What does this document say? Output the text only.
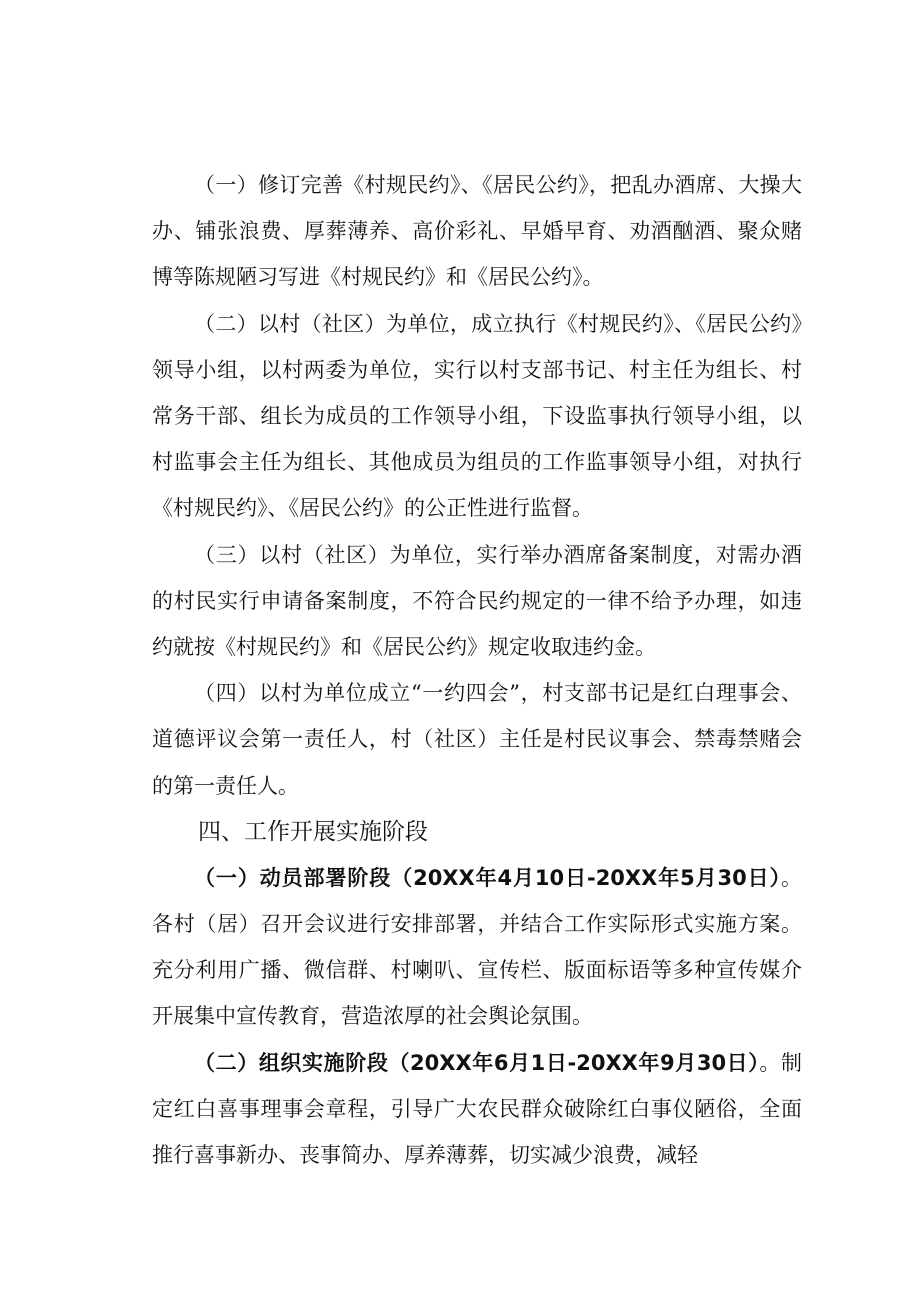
（一）修订完善《村规民约》、《居民公约》，把乱办酒席、大操大办、铺张浪费、厚葬薄养、高价彩礼、早婚早育、劝酒酗酒、聚众赌博等陈规陋习写进《村规民约》和《居民公约》。

（二）以村（社区）为单位，成立执行《村规民约》、《居民公约》领导小组，以村两委为单位，实行以村支部书记、村主任为组长、村常务干部、组长为成员的工作领导小组，下设监事执行领导小组，以村监事会主任为组长、其他成员为组员的工作监事领导小组，对执行《村规民约》、《居民公约》的公正性进行监督。

（三）以村（社区）为单位，实行举办酒席备案制度，对需办酒的村民实行申请备案制度，不符合民约规定的一律不给予办理，如违约就按《村规民约》和《居民公约》规定收取违约金。

（四）以村为单位成立“一约四会”，村支部书记是红白理事会、道德评议会第一责任人，村（社区）主任是村民议事会、禁毒禁赌会的第一责任人。

四、工作开展实施阶段

（一）动员部署阶段（20XX年4月10日-20XX年5月30日）。各村（居）召开会议进行安排部署，并结合工作实际形式实施方案。充分利用广播、微信群、村喇叭、宣传栏、版面标语等多种宣传媒介开展集中宣传教育，营造浓厚的社会舆论氛围。

（二）组织实施阶段（20XX年6月1日-20XX年9月30日）。制定红白喜事理事会章程，引导广大农民群众破除红白事仪陋俗，全面推行喜事新办、丧事简办、厚养薄葬，切实减少浪费，减轻
